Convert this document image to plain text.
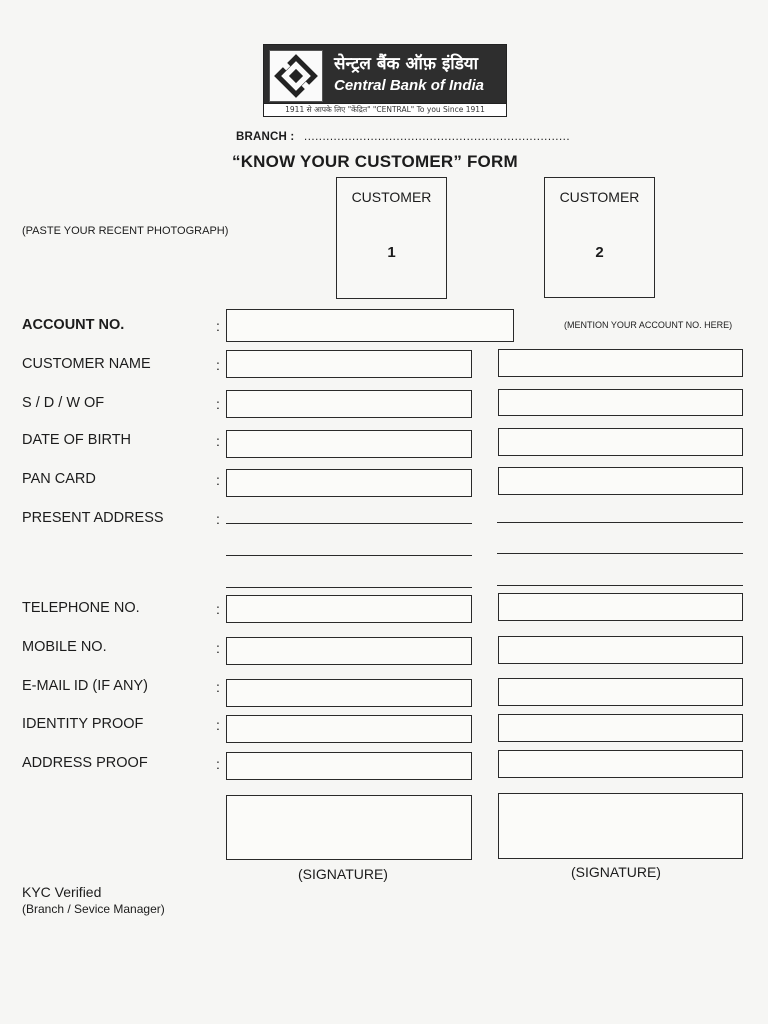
सेन्ट्रल बैंक ऑफ़ इंडिया
Central Bank of India
1911 से आपके लिए "केंद्रित" "CENTRAL" To you Since 1911
BRANCH : ........................................................................
“KNOW YOUR CUSTOMER” FORM
(PASTE YOUR RECENT PHOTOGRAPH)
CUSTOMER
1
CUSTOMER
2
ACCOUNT NO.	:	(MENTION YOUR ACCOUNT NO. HERE)
CUSTOMER NAME	:
S / D / W OF	:
DATE OF BIRTH	:
PAN CARD	:
PRESENT ADDRESS	:
TELEPHONE NO.	:
MOBILE NO.	:
E-MAIL ID (IF ANY)	:
IDENTITY PROOF	:
ADDRESS PROOF	:
(SIGNATURE)	(SIGNATURE)
KYC Verified
(Branch / Sevice Manager)
